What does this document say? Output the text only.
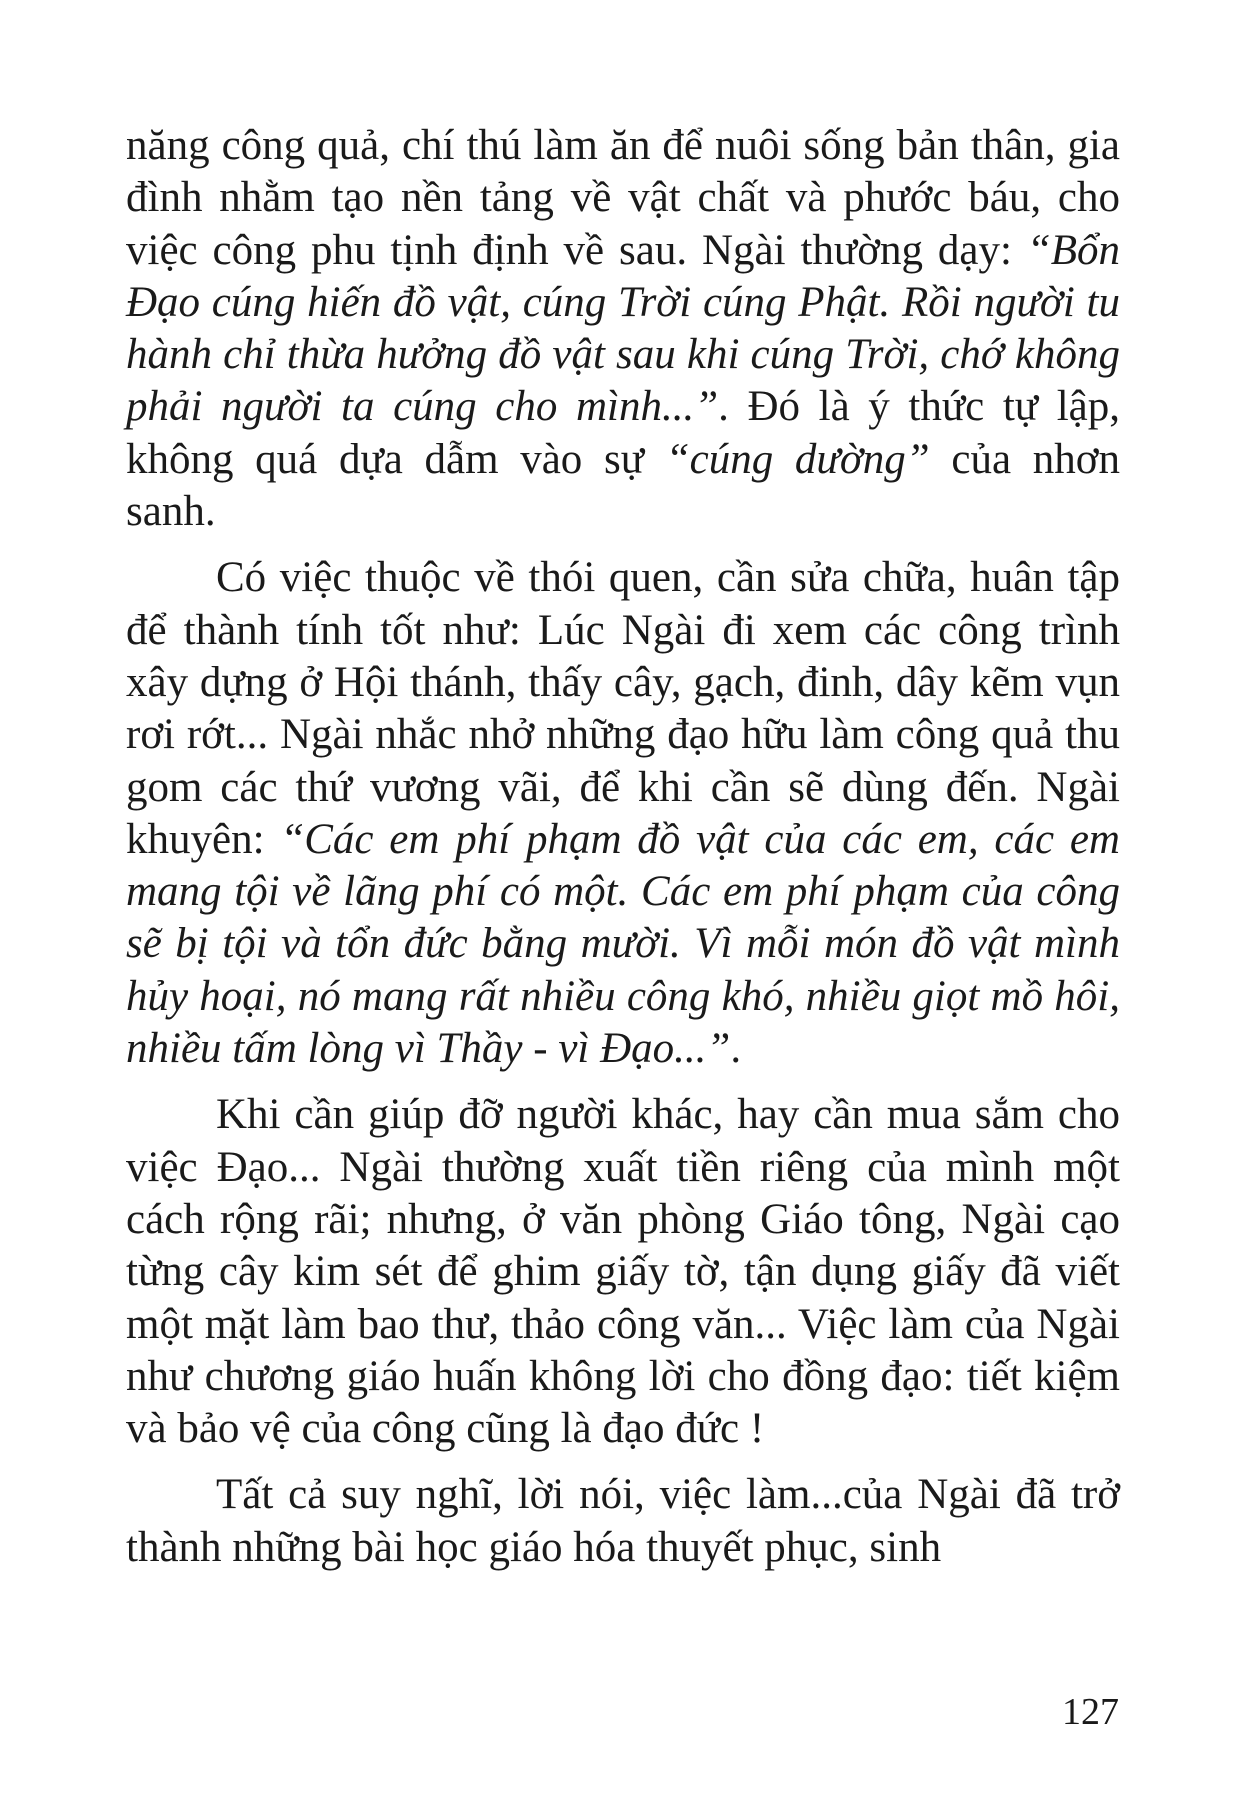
năng công quả, chí thú làm ăn để nuôi sống bản thân, gia đình nhằm tạo nền tảng về vật chất và phước báu, cho việc công phu tịnh định về sau. Ngài thường dạy: “Bổn Đạo cúng hiến đồ vật, cúng Trời cúng Phật. Rồi người tu hành chỉ thừa hưởng đồ vật sau khi cúng Trời, chớ không phải người ta cúng cho mình...”. Đó là ý thức tự lập, không quá dựa dẫm vào sự “cúng dường” của nhơn sanh.

Có việc thuộc về thói quen, cần sửa chữa, huân tập để thành tính tốt như: Lúc Ngài đi xem các công trình xây dựng ở Hội thánh, thấy cây, gạch, đinh, dây kẽm vụn rơi rớt... Ngài nhắc nhở những đạo hữu làm công quả thu gom các thứ vương vãi, để khi cần sẽ dùng đến. Ngài khuyên: “Các em phí phạm đồ vật của các em, các em mang tội về lãng phí có một. Các em phí phạm của công sẽ bị tội và tổn đức bằng mười. Vì mỗi món đồ vật mình hủy hoại, nó mang rất nhiều công khó, nhiều giọt mồ hôi, nhiều tấm lòng vì Thầy - vì Đạo...”.

Khi cần giúp đỡ người khác, hay cần mua sắm cho việc Đạo... Ngài thường xuất tiền riêng của mình một cách rộng rãi; nhưng, ở văn phòng Giáo tông, Ngài cạo từng cây kim sét để ghim giấy tờ, tận dụng giấy đã viết một mặt làm bao thư, thảo công văn... Việc làm của Ngài như chương giáo huấn không lời cho đồng đạo: tiết kiệm và bảo vệ của công cũng là đạo đức !

Tất cả suy nghĩ, lời nói, việc làm...của Ngài đã trở thành những bài học giáo hóa thuyết phục, sinh

127
